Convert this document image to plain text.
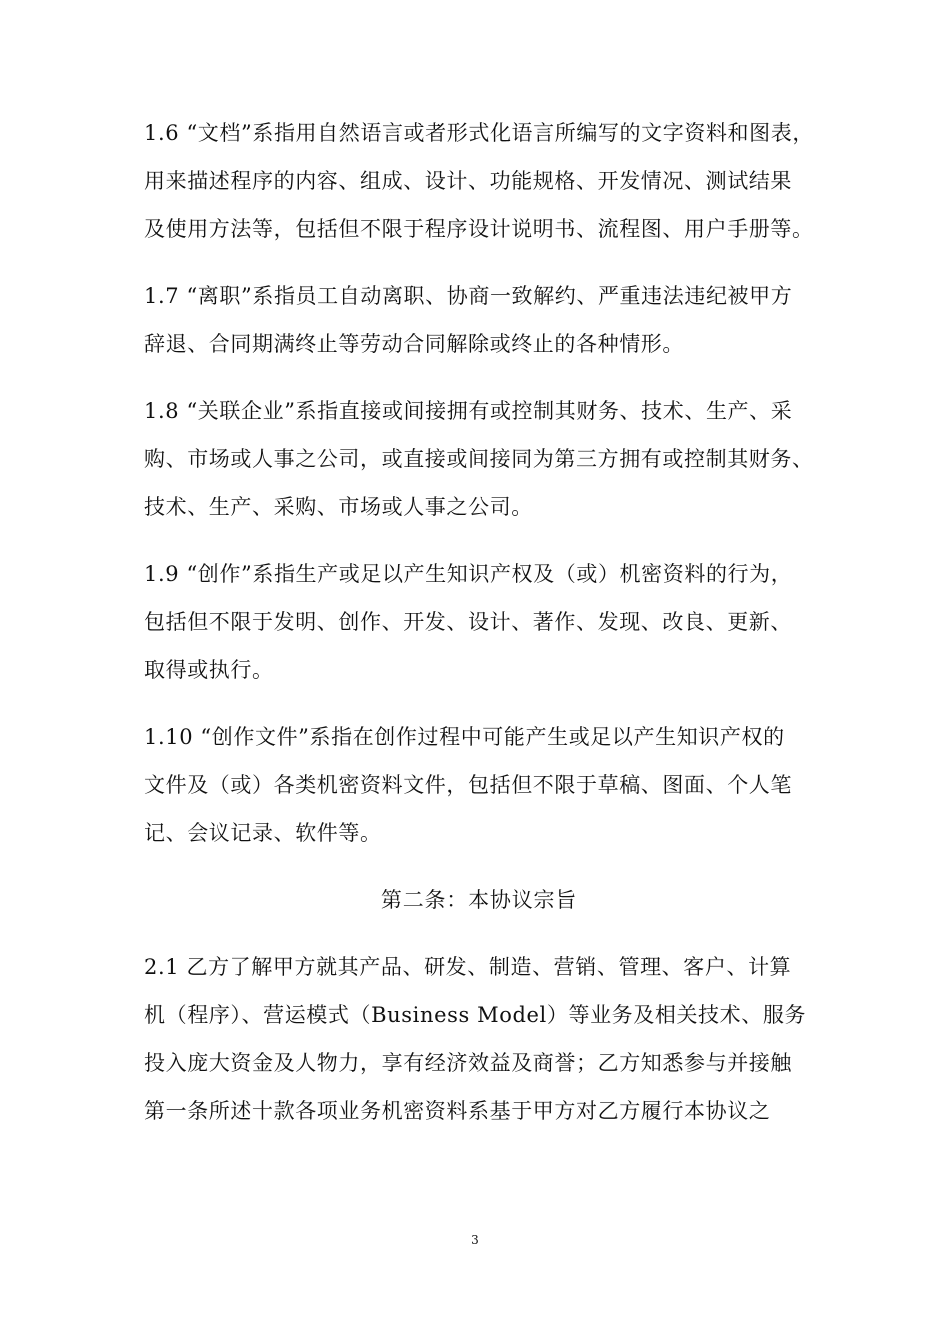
1.6 “文档”系指用自然语言或者形式化语言所编写的文字资料和图表，
用来描述程序的内容、组成、设计、功能规格、开发情况、测试结果
及使用方法等，包括但不限于程序设计说明书、流程图、用户手册等。

1.7 “离职”系指员工自动离职、协商一致解约、严重违法违纪被甲方
辞退、合同期满终止等劳动合同解除或终止的各种情形。

1.8 “关联企业”系指直接或间接拥有或控制其财务、技术、生产、采
购、市场或人事之公司，或直接或间接同为第三方拥有或控制其财务、
技术、生产、采购、市场或人事之公司。

1.9 “创作”系指生产或足以产生知识产权及（或）机密资料的行为，
包括但不限于发明、创作、开发、设计、著作、发现、改良、更新、
取得或执行。

1.10 “创作文件”系指在创作过程中可能产生或足以产生知识产权的
文件及（或）各类机密资料文件，包括但不限于草稿、图面、个人笔
记、会议记录、软件等。

第二条：本协议宗旨

2.1 乙方了解甲方就其产品、研发、制造、营销、管理、客户、计算
机（程序）、营运模式（Business Model）等业务及相关技术、服务
投入庞大资金及人物力，享有经济效益及商誉；乙方知悉参与并接触
第一条所述十款各项业务机密资料系基于甲方对乙方履行本协议之

3
